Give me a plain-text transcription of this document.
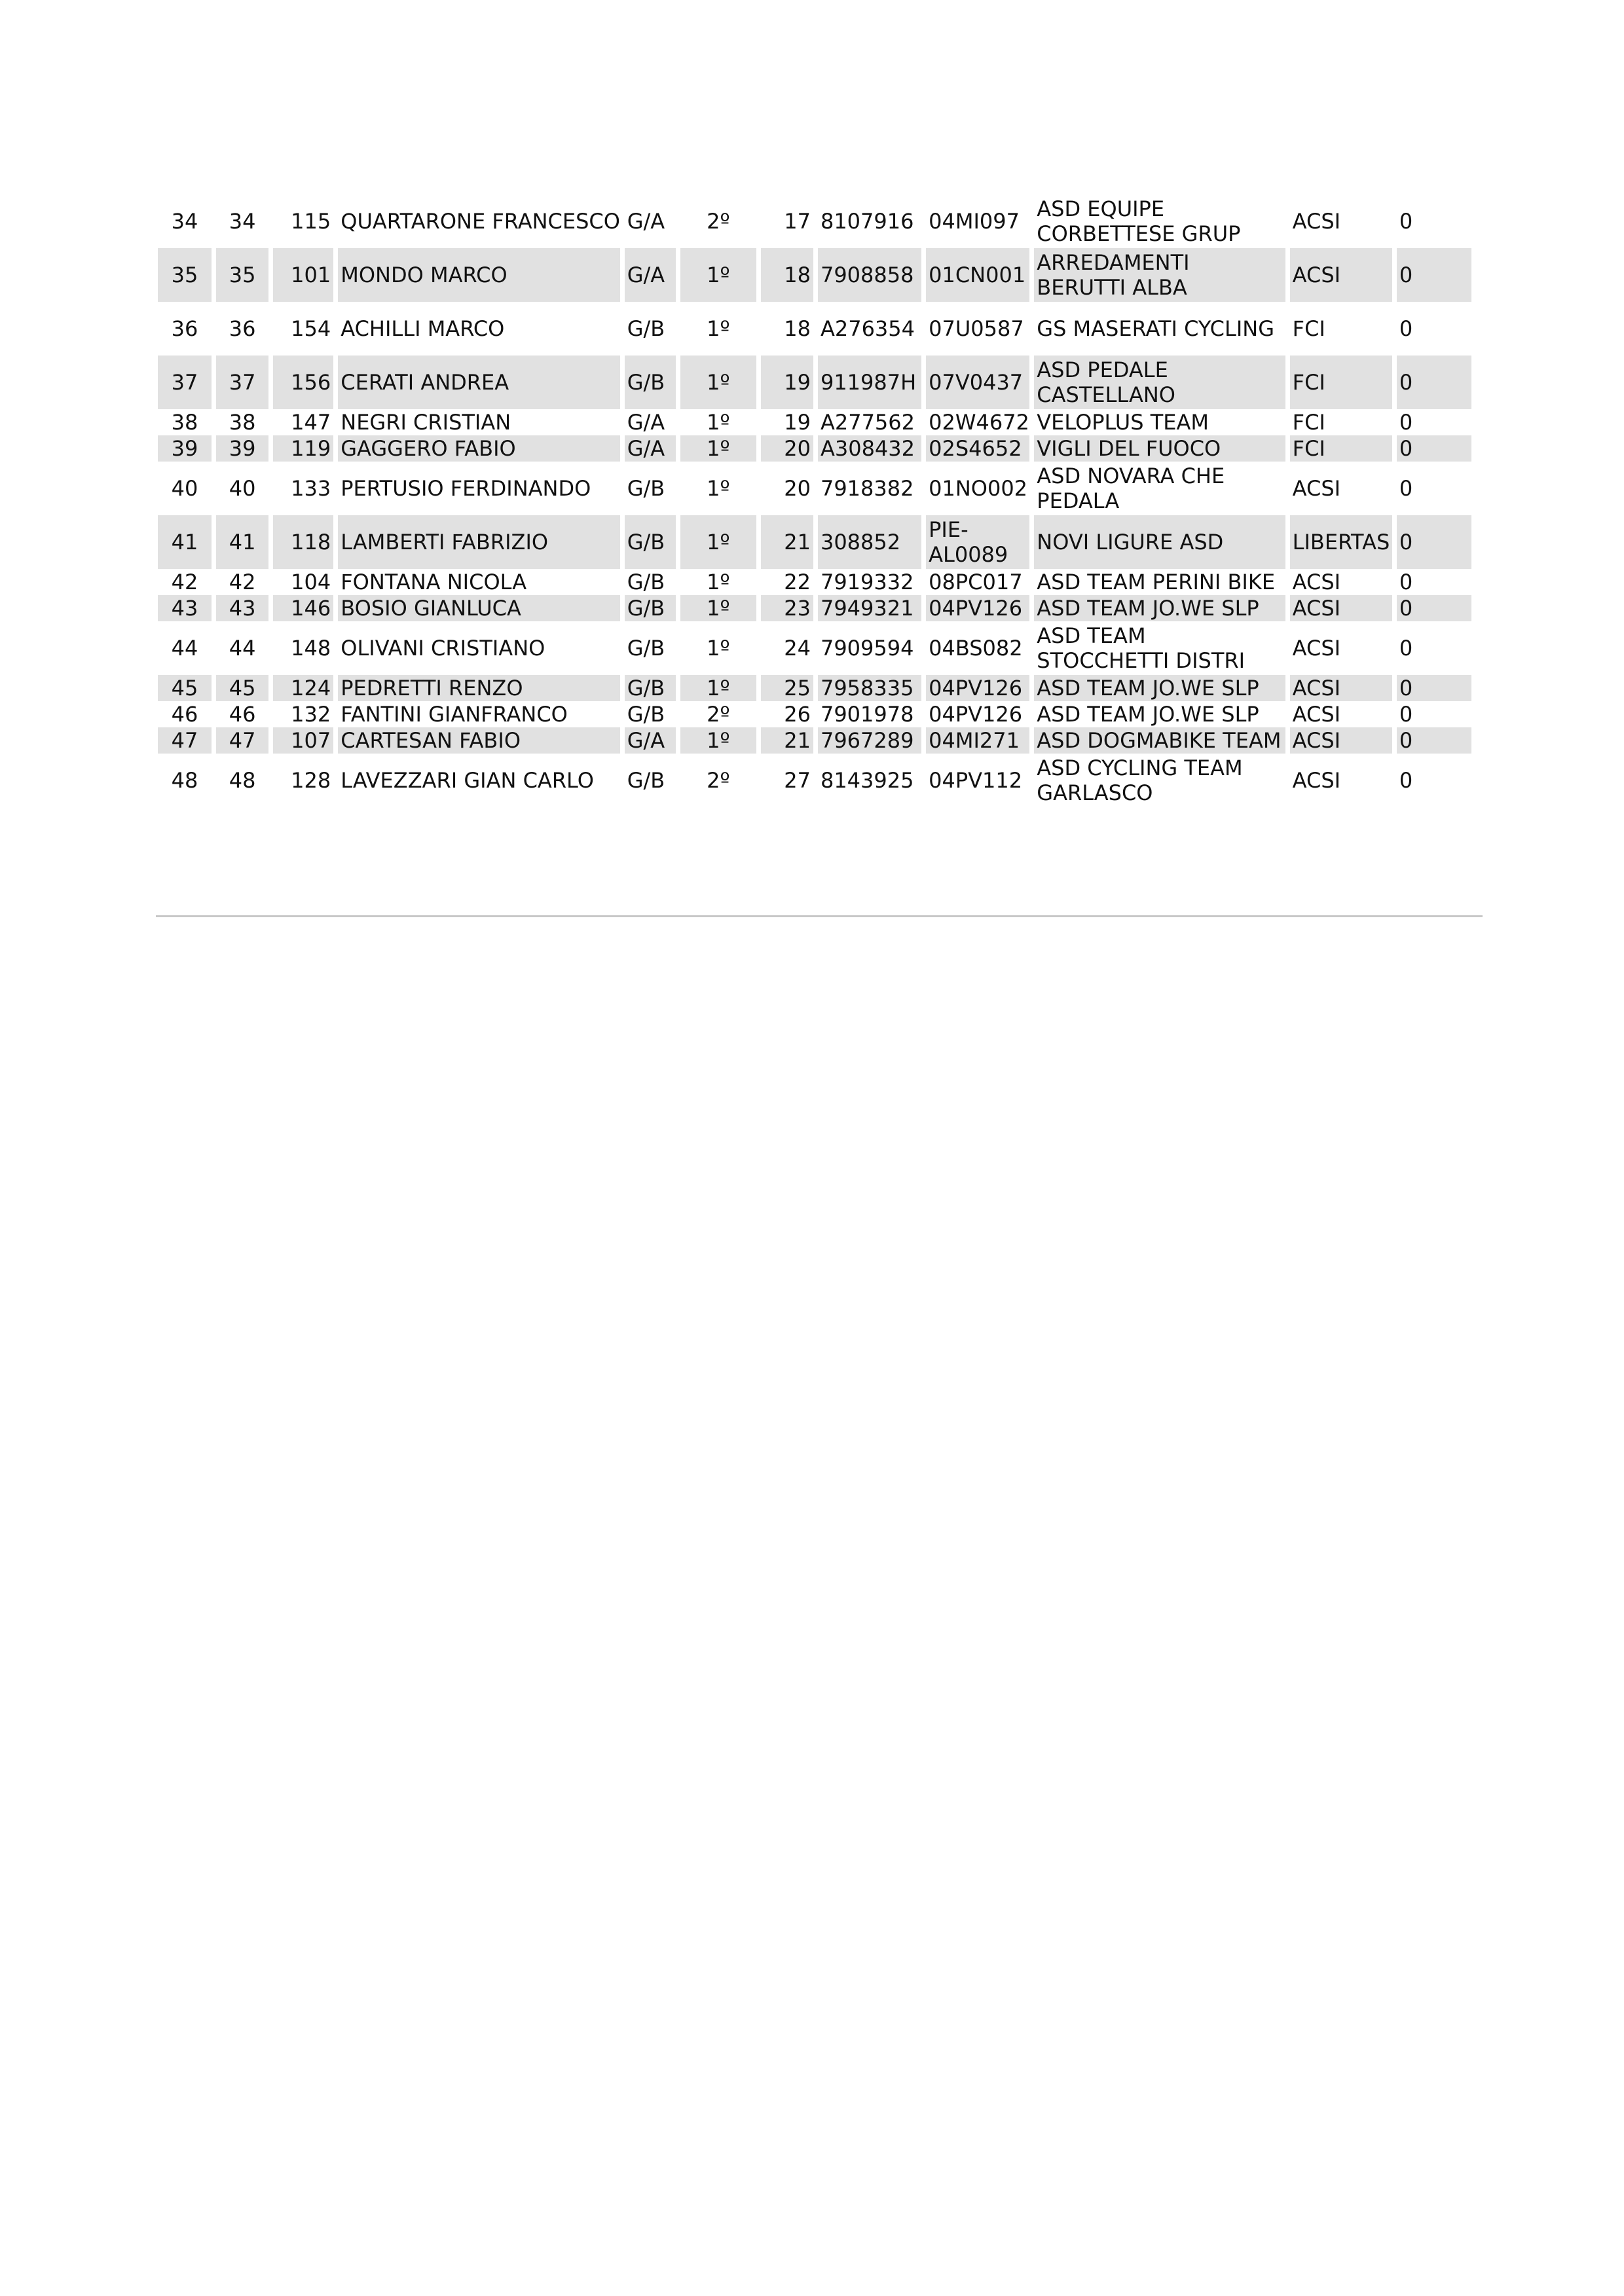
34	34	115	QUARTARONE FRANCESCO	G/A	2º	17	8107916	04MI097	ASD EQUIPE CORBETTESE GRUP	ACSI	0
35	35	101	MONDO MARCO	G/A	1º	18	7908858	01CN001	ARREDAMENTI BERUTTI ALBA	ACSI	0
36	36	154	ACHILLI MARCO	G/B	1º	18	A276354	07U0587	GS MASERATI CYCLING	FCI	0
37	37	156	CERATI ANDREA	G/B	1º	19	911987H	07V0437	ASD PEDALE CASTELLANO	FCI	0
38	38	147	NEGRI CRISTIAN	G/A	1º	19	A277562	02W4672	VELOPLUS TEAM	FCI	0
39	39	119	GAGGERO FABIO	G/A	1º	20	A308432	02S4652	VIGLI DEL FUOCO	FCI	0
40	40	133	PERTUSIO FERDINANDO	G/B	1º	20	7918382	01NO002	ASD NOVARA CHE PEDALA	ACSI	0
41	41	118	LAMBERTI FABRIZIO	G/B	1º	21	308852	PIE-AL0089	NOVI LIGURE ASD	LIBERTAS	0
42	42	104	FONTANA NICOLA	G/B	1º	22	7919332	08PC017	ASD TEAM PERINI BIKE	ACSI	0
43	43	146	BOSIO GIANLUCA	G/B	1º	23	7949321	04PV126	ASD TEAM JO.WE SLP	ACSI	0
44	44	148	OLIVANI CRISTIANO	G/B	1º	24	7909594	04BS082	ASD TEAM STOCCHETTI DISTRI	ACSI	0
45	45	124	PEDRETTI RENZO	G/B	1º	25	7958335	04PV126	ASD TEAM JO.WE SLP	ACSI	0
46	46	132	FANTINI GIANFRANCO	G/B	2º	26	7901978	04PV126	ASD TEAM JO.WE SLP	ACSI	0
47	47	107	CARTESAN FABIO	G/A	1º	21	7967289	04MI271	ASD DOGMABIKE TEAM	ACSI	0
48	48	128	LAVEZZARI GIAN CARLO	G/B	2º	27	8143925	04PV112	ASD CYCLING TEAM GARLASCO	ACSI	0
